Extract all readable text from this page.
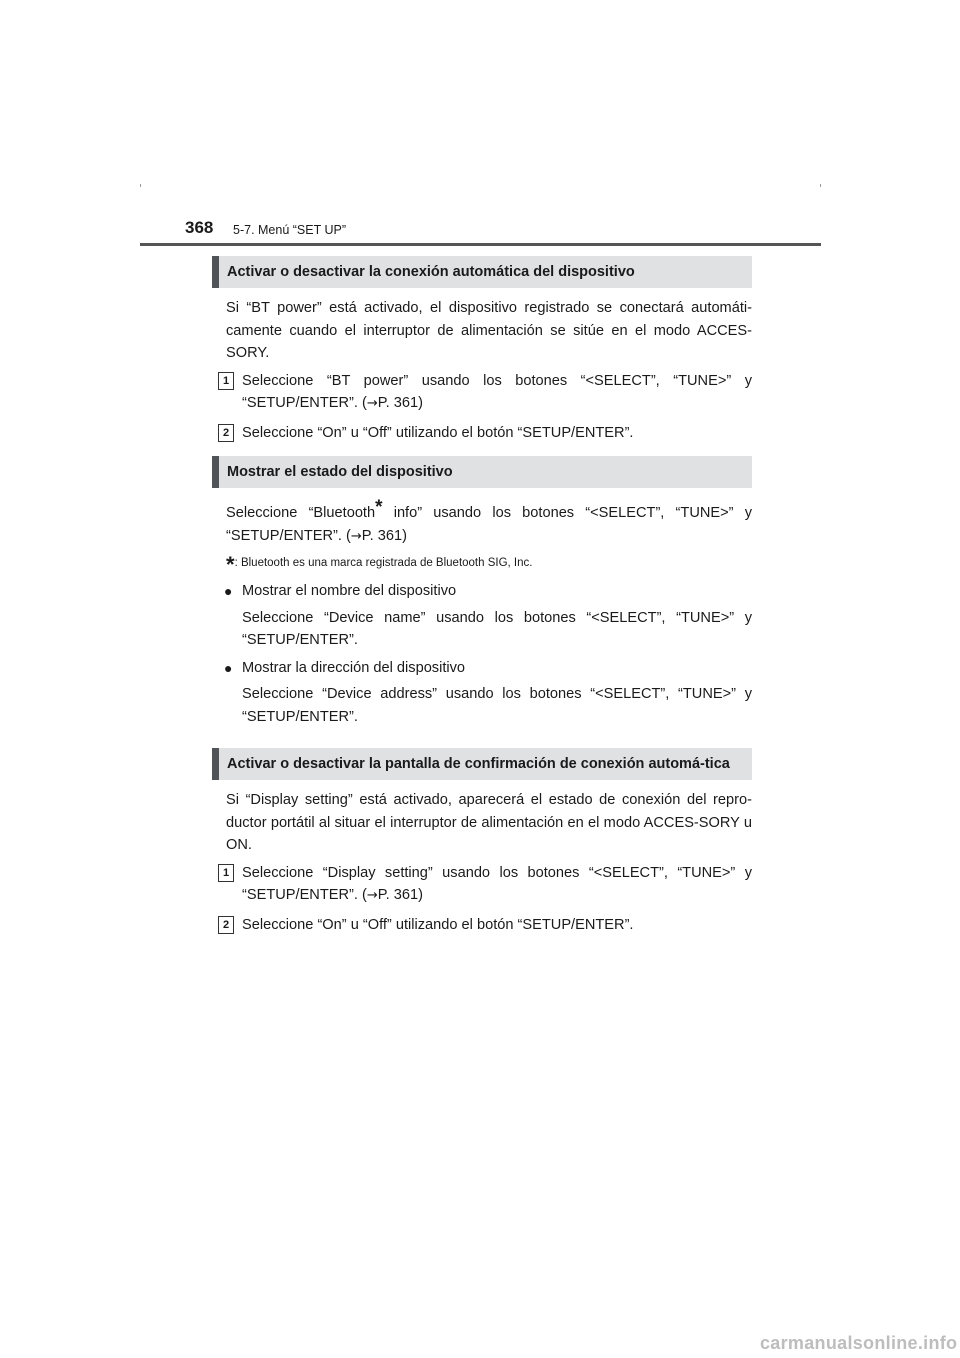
368 5-7. Menú “SET UP”
Activar o desactivar la conexión automática del dispositivo
Si “BT power” está activado, el dispositivo registrado se conectará automáti-camente cuando el interruptor de alimentación se sitúe en el modo ACCES-SORY.
1 Seleccione “BT power” usando los botones “<SELECT”, “TUNE>” y “SETUP/ENTER”. (→P. 361)
2 Seleccione “On” u “Off” utilizando el botón “SETUP/ENTER”.
Mostrar el estado del dispositivo
Seleccione “Bluetooth* info” usando los botones “<SELECT”, “TUNE>” y “SETUP/ENTER”. (→P. 361)
*: Bluetooth es una marca registrada de Bluetooth SIG, Inc.
● Mostrar el nombre del dispositivo
Seleccione “Device name” usando los botones “<SELECT”, “TUNE>” y “SETUP/ENTER”.
● Mostrar la dirección del dispositivo
Seleccione “Device address” usando los botones “<SELECT”, “TUNE>” y “SETUP/ENTER”.
Activar o desactivar la pantalla de confirmación de conexión automá-tica
Si “Display setting” está activado, aparecerá el estado de conexión del repro-ductor portátil al situar el interruptor de alimentación en el modo ACCES-SORY u ON.
1 Seleccione “Display setting” usando los botones “<SELECT”, “TUNE>” y “SETUP/ENTER”. (→P. 361)
2 Seleccione “On” u “Off” utilizando el botón “SETUP/ENTER”.
carmanualsonline.info
